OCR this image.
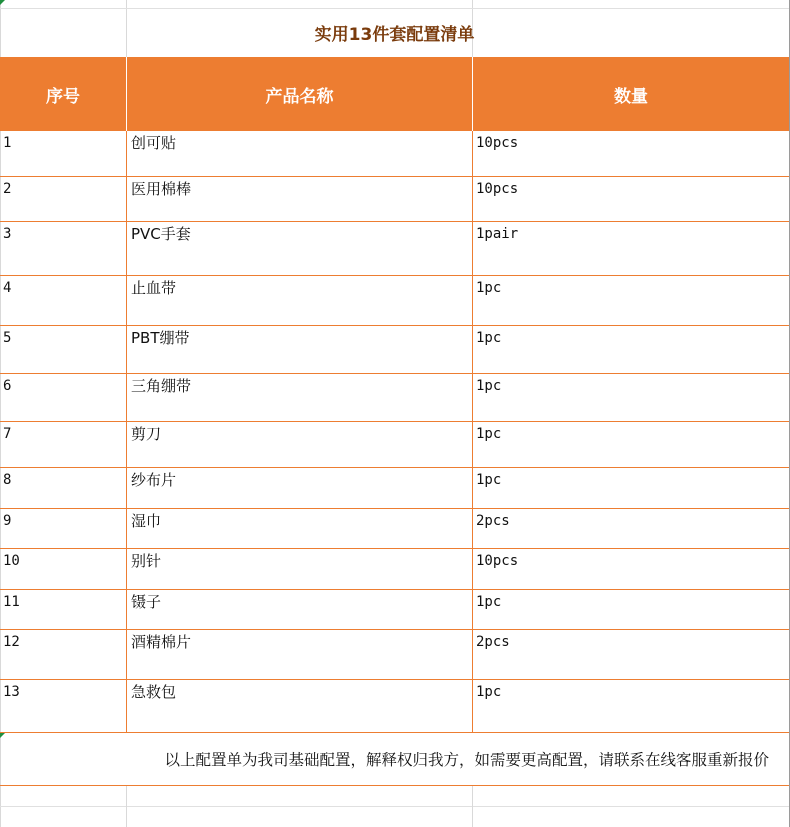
实用13件套配置清单
序号	产品名称	数量
1	创可贴	10pcs
2	医用棉棒	10pcs
3	PVC手套	1pair
4	止血带	1pc
5	PBT绷带	1pc
6	三角绷带	1pc
7	剪刀	1pc
8	纱布片	1pc
9	湿巾	2pcs
10	别针	10pcs
11	镊子	1pc
12	酒精棉片	2pcs
13	急救包	1pc
以上配置单为我司基础配置，解释权归我方，如需要更高配置，请联系在线客服重新报价
